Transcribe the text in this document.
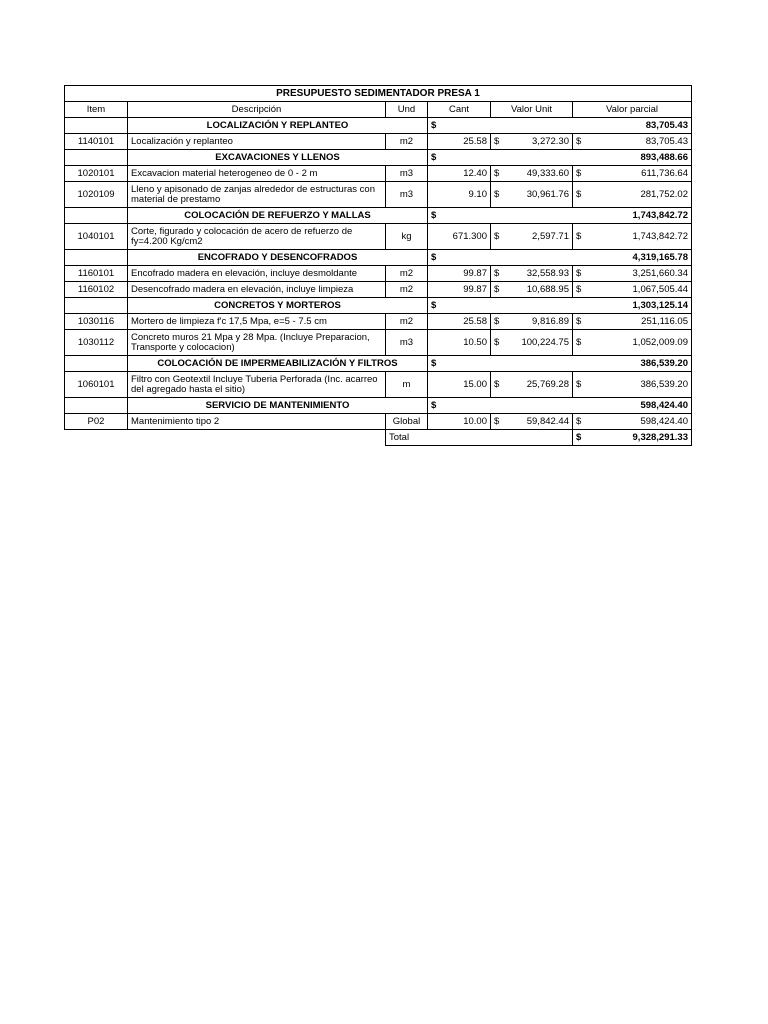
PRESUPUESTO SEDIMENTADOR PRESA 1							
Item	Descripción	Und	Cant	Valor Unit		Valor parcial	
	LOCALIZACIÓN Y REPLANTEO		$				83,705.43
1140101	Localización y replanteo	m2	25.58	$	3,272.30	$	83,705.43
	EXCAVACIONES Y LLENOS		$				893,488.66
1020101	Excavacion material heterogeneo de 0 - 2 m	m3	12.40	$	49,333.60	$	611,736.64
1020109	Lleno y apisonado de zanjas alrededor de estructuras con material de prestamo	m3	9.10	$	30,961.76	$	281,752.02
	COLOCACIÓN DE REFUERZO Y MALLAS		$				1,743,842.72
1040101	Corte, figurado y colocación de acero de refuerzo de fy=4.200 Kg/cm2	kg	671.300	$	2,597.71	$	1,743,842.72
	ENCOFRADO Y DESENCOFRADOS		$				4,319,165.78
1160101	Encofrado madera en elevación, incluye desmoldante	m2	99.87	$	32,558.93	$	3,251,660.34
1160102	Desencofrado madera en elevación, incluye limpieza	m2	99.87	$	10,688.95	$	1,067,505.44
	CONCRETOS Y MORTEROS		$				1,303,125.14
1030116	Mortero de limpieza f'c 17,5 Mpa, e=5 - 7.5 cm	m2	25.58	$	9,816.89	$	251,116.05
1030112	Concreto muros 21 Mpa y 28 Mpa. (Incluye Preparacion, Transporte y colocacion)	m3	10.50	$	100,224.75	$	1,052,009.09
	COLOCACIÓN DE IMPERMEABILIZACIÓN Y FILTROS		$				386,539.20
1060101	Filtro con Geotextil Incluye Tuberia Perforada (Inc. acarreo del agregado hasta el sitio)	m	15.00	$	25,769.28	$	386,539.20
	SERVICIO DE MANTENIMIENTO		$				598,424.40
P02	Mantenimiento tipo 2	Global	10.00	$	59,842.44	$	598,424.40
		Total				$	9,328,291.33
